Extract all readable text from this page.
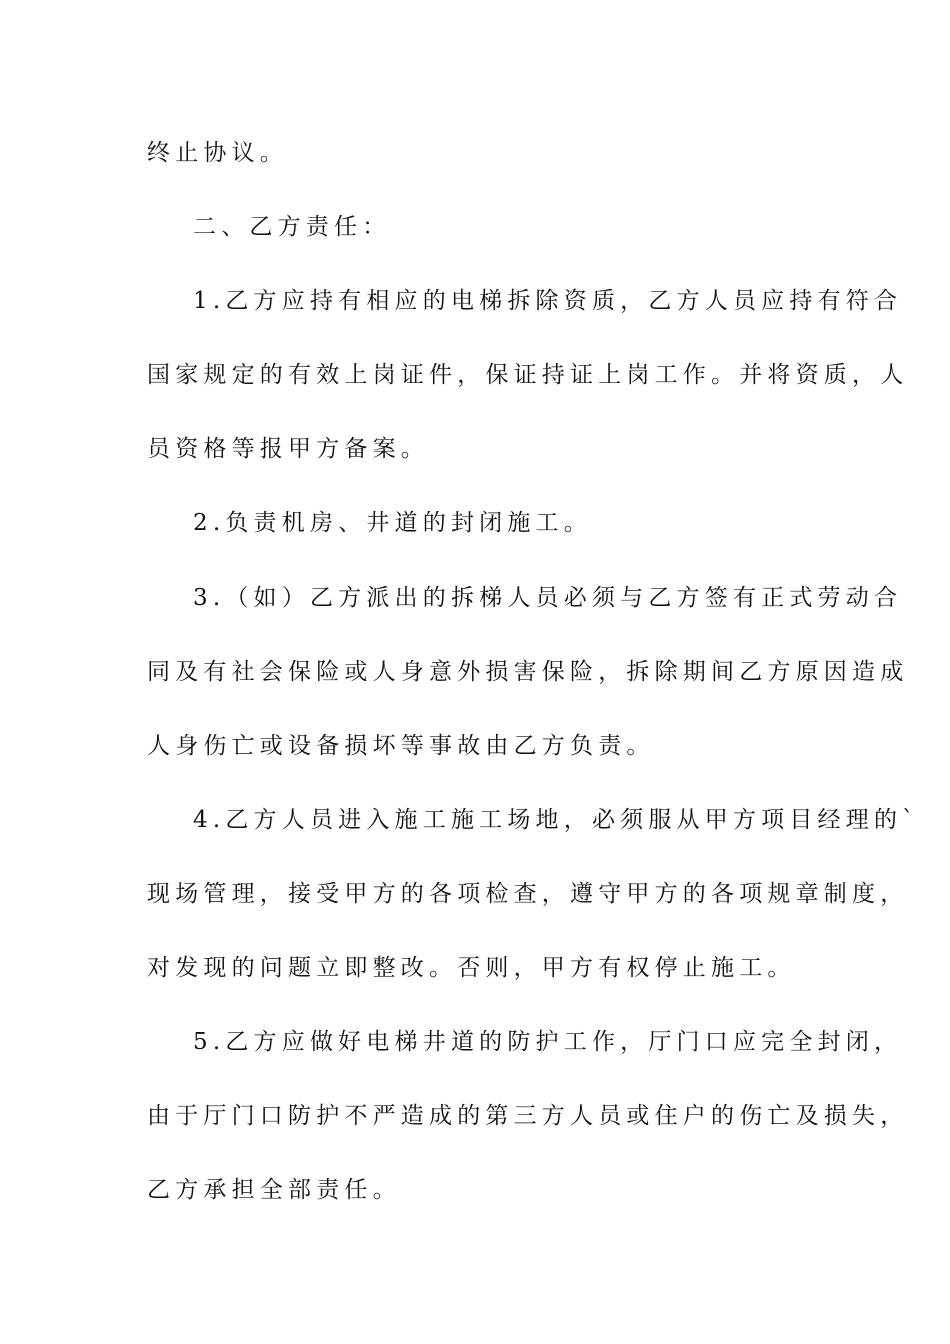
终止协议。
二、乙方责任：
1.乙方应持有相应的电梯拆除资质，乙方人员应持有符合
国家规定的有效上岗证件，保证持证上岗工作。并将资质，人
员资格等报甲方备案。
2.负责机房、井道的封闭施工。
3.（如）乙方派出的拆梯人员必须与乙方签有正式劳动合
同及有社会保险或人身意外损害保险，拆除期间乙方原因造成
人身伤亡或设备损坏等事故由乙方负责。
4.乙方人员进入施工施工场地，必须服从甲方项目经理的`
现场管理，接受甲方的各项检查，遵守甲方的各项规章制度，
对发现的问题立即整改。否则，甲方有权停止施工。
5.乙方应做好电梯井道的防护工作，厅门口应完全封闭，
由于厅门口防护不严造成的第三方人员或住户的伤亡及损失，
乙方承担全部责任。
